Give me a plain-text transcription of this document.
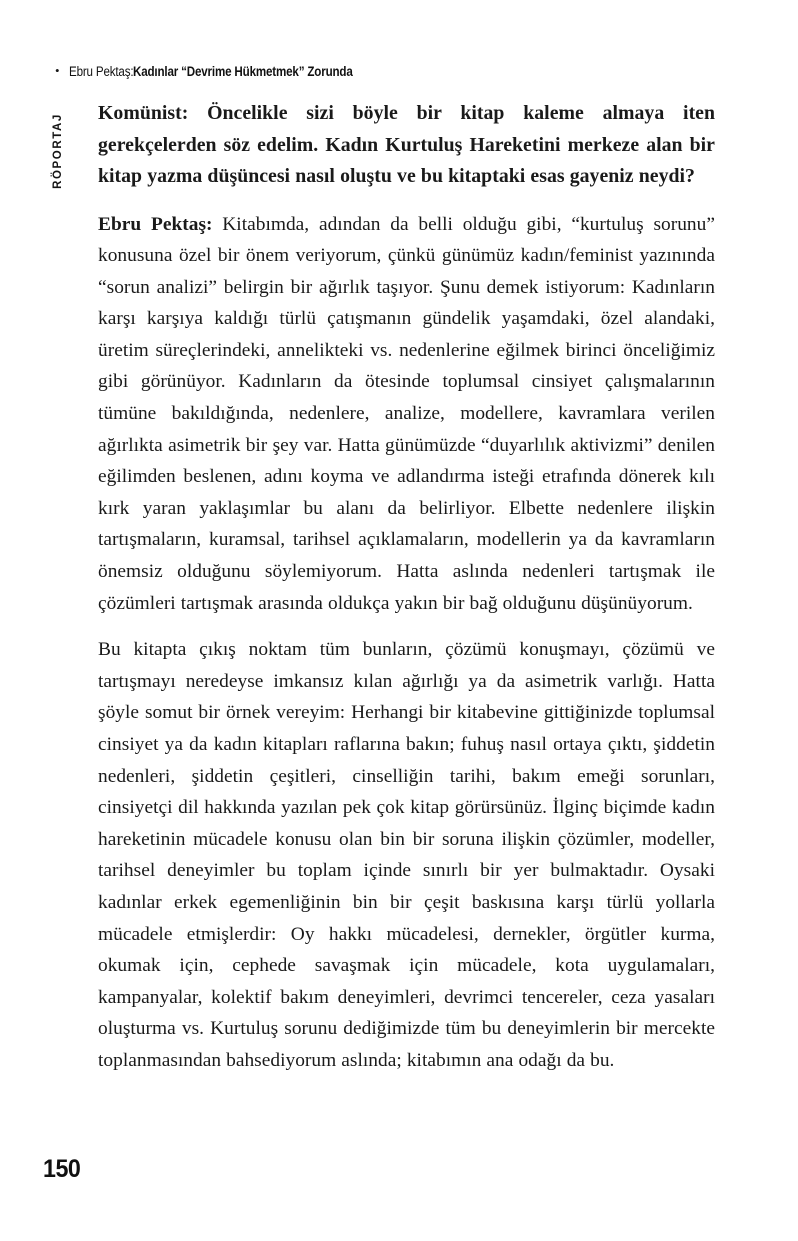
• Ebru Pektaş: Kadınlar “Devrime Hükmetmek” Zorunda
RÖPORTAJ

Komünist: Öncelikle sizi böyle bir kitap kaleme almaya iten gerekçelerden söz edelim. Kadın Kurtuluş Hareketini merkeze alan bir kitap yazma düşüncesi nasıl oluştu ve bu kitaptaki esas gayeniz neydi?

Ebru Pektaş: Kitabımda, adından da belli olduğu gibi, “kurtuluş sorunu” konusuna özel bir önem veriyorum, çünkü günümüz kadın/feminist yazınında “sorun analizi” belirgin bir ağırlık taşıyor. Şunu demek istiyorum: Kadınların karşı karşıya kaldığı türlü çatışmanın gündelik yaşamdaki, özel alandaki, üretim süreçlerindeki, annelikteki vs. nedenlerine eğilmek birinci önceliğimiz gibi görünüyor. Kadınların da ötesinde toplumsal cinsiyet çalışmalarının tümüne bakıldığında, nedenlere, analize, modellere, kavramlara verilen ağırlıkta asimetrik bir şey var. Hatta günümüzde “duyarlılık aktivizmi” denilen eğilimden beslenen, adını koyma ve adlandırma isteği etrafında dönerek kılı kırk yaran yaklaşımlar bu alanı da belirliyor. Elbette nedenlere ilişkin tartışmaların, kuramsal, tarihsel açıklamaların, modellerin ya da kavramların önemsiz olduğunu söylemiyorum. Hatta aslında nedenleri tartışmak ile çözümleri tartışmak arasında oldukça yakın bir bağ olduğunu düşünüyorum.

Bu kitapta çıkış noktam tüm bunların, çözümü konuşmayı, çözümü ve tartışmayı neredeyse imkansız kılan ağırlığı ya da asimetrik varlığı. Hatta şöyle somut bir örnek vereyim: Herhangi bir kitabevine gittiğinizde toplumsal cinsiyet ya da kadın kitapları raflarına bakın; fuhuş nasıl ortaya çıktı, şiddetin nedenleri, şiddetin çeşitleri, cinselliğin tarihi, bakım emeği sorunları, cinsiyetçi dil hakkında yazılan pek çok kitap görürsünüz. İlginç biçimde kadın hareketinin mücadele konusu olan bin bir soruna ilişkin çözümler, modeller, tarihsel deneyimler bu toplam içinde sınırlı bir yer bulmaktadır. Oysaki kadınlar erkek egemenliğinin bin bir çeşit baskısına karşı türlü yollarla mücadele etmişlerdir: Oy hakkı mücadelesi, dernekler, örgütler kurma, okumak için, cephede savaşmak için mücadele, kota uygulamaları, kampanyalar, kolektif bakım deneyimleri, devrimci tencereler, ceza yasaları oluşturma vs. Kurtuluş sorunu dediğimizde tüm bu deneyimlerin bir mercekte toplanmasından bahsediyorum aslında; kitabımın ana odağı da bu.

150
